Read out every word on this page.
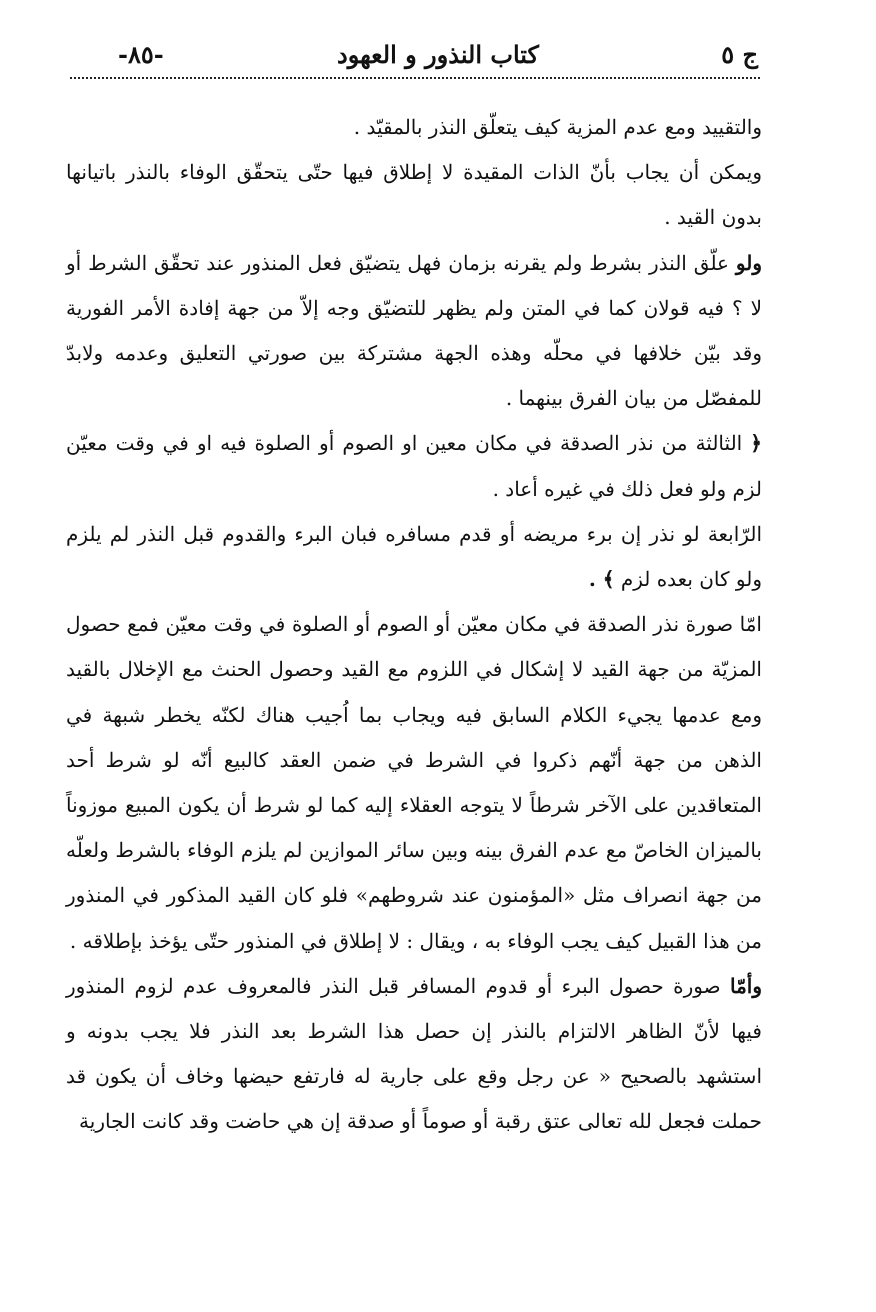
ج ٥
كتاب النذور و العهود
-٨٥-

والتقييد ومع عدم المزية كيف يتعلّق النذر بالمقيّد .

ويمكن أن يجاب بأنّ الذات المقيدة لا إطلاق فيها حتّى يتحقّق الوفاء بالنذر باتيانها بدون القيد .

ولو علّق النذر بشرط ولم يقرنه بزمان فهل يتضيّق فعل المنذور عند تحقّق الشرط أو لا ؟ فيه قولان كما في المتن ولم يظهر للتضيّق وجه إلاّ من جهة إفادة الأمر الفورية وقد بيّن خلافها في محلّه وهذه الجهة مشتركة بين صورتي التعليق وعدمه ولابدّ للمفصّل من بيان الفرق بينهما .

﴿ الثالثة من نذر الصدقة في مكان معين او الصوم أو الصلوة فيه او في وقت معيّن لزم ولو فعل ذلك في غيره أعاد .

الرّابعة لو نذر إن برء مريضه أو قدم مسافره فبان البرء والقدوم قبل النذر لم يلزم ولو كان بعده لزم ﴾ .

امّا صورة نذر الصدقة في مكان معيّن أو الصوم أو الصلوة في وقت معيّن فمع حصول المزيّة من جهة القيد لا إشكال في اللزوم مع القيد وحصول الحنث مع الإخلال بالقيد ومع عدمها يجيء الكلام السابق فيه ويجاب بما اُجيب هناك لكنّه يخطر شبهة في الذهن من جهة أنّهم ذكروا في الشرط في ضمن العقد كالبيع أنّه لو شرط أحد المتعاقدين على الآخر شرطاً لا يتوجه العقلاء إليه كما لو شرط أن يكون المبيع موزوناً بالميزان الخاصّ مع عدم الفرق بينه وبين سائر الموازين لم يلزم الوفاء بالشرط ولعلّه من جهة انصراف مثل «المؤمنون عند شروطهم» فلو كان القيد المذكور في المنذور من هذا القبيل كيف يجب الوفاء به ، ويقال : لا إطلاق في المنذور حتّى يؤخذ بإطلاقه .

وأمّا صورة حصول البرء أو قدوم المسافر قبل النذر فالمعروف عدم لزوم المنذور فيها لأنّ الظاهر الالتزام بالنذر إن حصل هذا الشرط بعد النذر فلا يجب بدونه و استشهد بالصحيح « عن رجل وقع على جارية له فارتفع حيضها وخاف أن يكون قد حملت فجعل لله تعالى عتق رقبة أو صوماً أو صدقة إن هي حاضت وقد كانت الجارية
